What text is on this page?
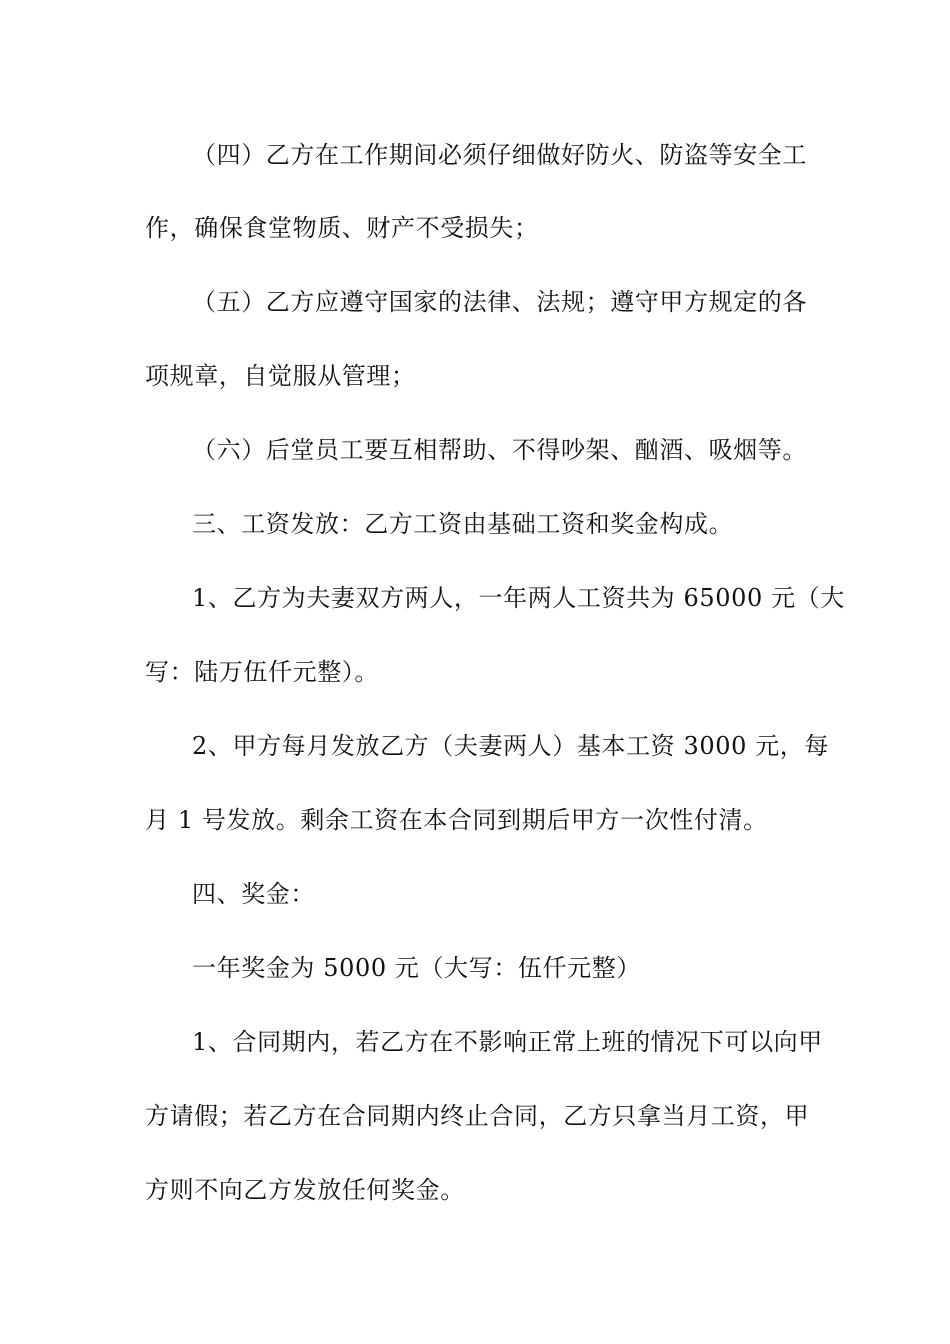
（四）乙方在工作期间必须仔细做好防火、防盗等安全工
作，确保食堂物质、财产不受损失；
（五）乙方应遵守国家的法律、法规；遵守甲方规定的各
项规章，自觉服从管理；
（六）后堂员工要互相帮助、不得吵架、酗酒、吸烟等。
三、工资发放：乙方工资由基础工资和奖金构成。
1、乙方为夫妻双方两人，一年两人工资共为 65000 元（大
写：陆万伍仟元整）。
2、甲方每月发放乙方（夫妻两人）基本工资 3000 元，每
月 1 号发放。剩余工资在本合同到期后甲方一次性付清。
四、奖金：
一年奖金为 5000 元（大写：伍仟元整）
1、合同期内，若乙方在不影响正常上班的情况下可以向甲
方请假；若乙方在合同期内终止合同，乙方只拿当月工资，甲
方则不向乙方发放任何奖金。
